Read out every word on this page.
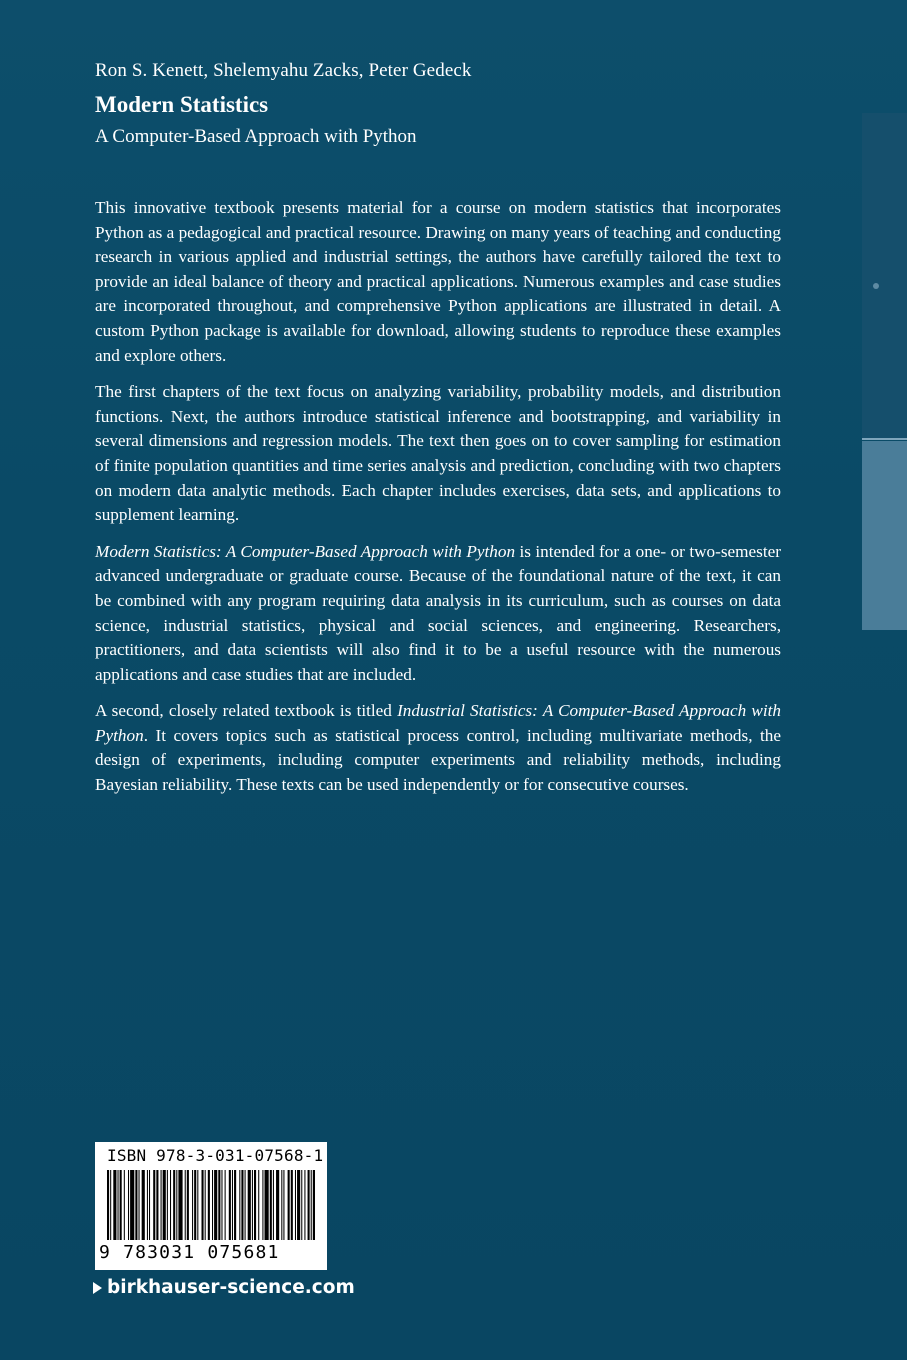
Ron S. Kenett, Shelemyahu Zacks, Peter Gedeck
Modern Statistics
A Computer-Based Approach with Python

This innovative textbook presents material for a course on modern statistics that incorporates Python as a pedagogical and practical resource. Drawing on many years of teaching and conducting research in various applied and industrial settings, the authors have carefully tailored the text to provide an ideal balance of theory and practical applications. Numerous examples and case studies are incorporated throughout, and comprehensive Python applications are illustrated in detail. A custom Python package is available for download, allowing students to reproduce these examples and explore others.

The first chapters of the text focus on analyzing variability, probability models, and distribution functions. Next, the authors introduce statistical inference and bootstrapping, and variability in several dimensions and regression models. The text then goes on to cover sampling for estimation of finite population quantities and time series analysis and prediction, concluding with two chapters on modern data analytic methods. Each chapter includes exercises, data sets, and applications to supplement learning.

Modern Statistics: A Computer-Based Approach with Python is intended for a one- or two-semester advanced undergraduate or graduate course. Because of the foundational nature of the text, it can be combined with any program requiring data analysis in its curriculum, such as courses on data science, industrial statistics, physical and social sciences, and engineering. Researchers, practitioners, and data scientists will also find it to be a useful resource with the numerous applications and case studies that are included.

A second, closely related textbook is titled Industrial Statistics: A Computer-Based Approach with Python. It covers topics such as statistical process control, including multivariate methods, the design of experiments, including computer experiments and reliability methods, including Bayesian reliability. These texts can be used independently or for consecutive courses.

ISBN 978-3-031-07568-1
9 783031 075681
birkhauser-science.com
